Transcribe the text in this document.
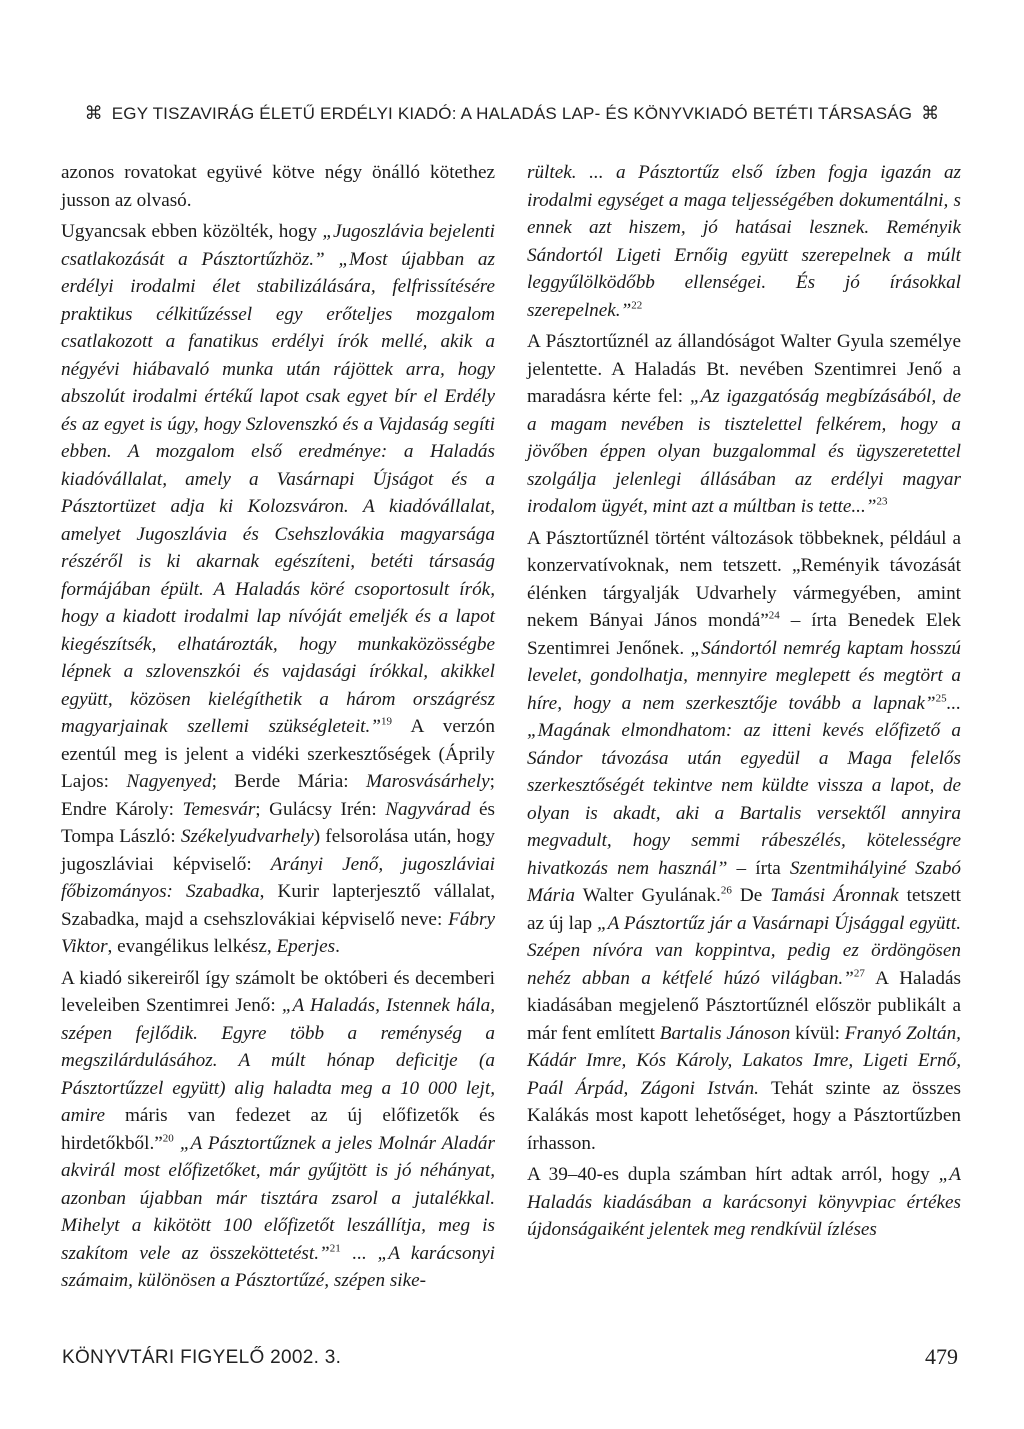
⌘ EGY TISZAVIRÁG ÉLETŰ ERDÉLYI KIADÓ: A HALADÁS LAP- ÉS KÖNYVKIADÓ BETÉTI TÁRSASÁG ⌘

azonos rovatokat együvé kötve négy önálló kötethez jusson az olvasó.

Ugyancsak ebben közölték, hogy „Jugoszlávia bejelenti csatlakozását a Pásztortűzhöz.” „Most újabban az erdélyi irodalmi élet stabilizálására, felfrissítésére praktikus célkitűzéssel egy erőteljes mozgalom csatlakozott a fanatikus erdélyi írók mellé, akik a négyévi hiábavaló munka után rájöttek arra, hogy abszolút irodalmi értékű lapot csak egyet bír el Erdély és az egyet is úgy, hogy Szlovenszkó és a Vajdaság segíti ebben. A mozgalom első eredménye: a Haladás kiadóvállalat, amely a Vasárnapi Újságot és a Pásztortüzet adja ki Kolozsváron. A kiadóvállalat, amelyet Jugoszlávia és Csehszlovákia magyarsága részéről is ki akarnak egészíteni, betéti társaság formájában épült. A Haladás köré csoportosult írók, hogy a kiadott irodalmi lap nívóját emeljék és a lapot kiegészítsék, elhatározták, hogy munkaközösségbe lépnek a szlovenszkói és vajdasági írókkal, akikkel együtt, közösen kielégíthetik a három országrész magyarjainak szellemi szükségleteit.”$^{19}$ A verzón ezentúl meg is jelent a vidéki szerkesztőségek (Áprily Lajos: Nagyenyed; Berde Mária: Marosvásárhely; Endre Károly: Temesvár; Gulácsy Irén: Nagyvárad és Tompa László: Székelyudvarhely) felsorolása után, hogy jugoszláviai képviselő: Arányi Jenő, jugoszláviai főbizományos: Szabadka, Kurir lapterjesztő vállalat, Szabadka, majd a csehszlovákiai képviselő neve: Fábry Viktor, evangélikus lelkész, Eperjes.

A kiadó sikereiről így számolt be októberi és decemberi leveleiben Szentimrei Jenő: „A Haladás, Istennek hála, szépen fejlődik. Egyre több a reménység a megszilárdulásához. A múlt hónap deficitje (a Pásztortűzzel együtt) alig haladta meg a 10 000 lejt, amire máris van fedezet az új előfizetők és hirdetőkből.”$^{20}$ „A Pásztortűznek a jeles Molnár Aladár akvirál most előfizetőket, már gyűjtött is jó néhányat, azonban újabban már tisztára zsarol a jutalékkal. Mihelyt a kikötött 100 előfizetőt leszállítja, meg is szakítom vele az összeköttetést.”$^{21}$ ... „A karácsonyi számaim, különösen a Pásztortűzé, szépen sike-

rültek. ... a Pásztortűz első ízben fogja igazán az irodalmi egységet a maga teljességében dokumentálni, s ennek azt hiszem, jó hatásai lesznek. Reményik Sándortól Ligeti Ernőig együtt szerepelnek a múlt leggyűlölködőbb ellenségei. És jó írásokkal szerepelnek.”$^{22}$

A Pásztortűznél az állandóságot Walter Gyula személye jelentette. A Haladás Bt. nevében Szentimrei Jenő a maradásra kérte fel: „Az igazgatóság megbízásából, de a magam nevében is tisztelettel felkérem, hogy a jövőben éppen olyan buzgalommal és ügyszeretettel szolgálja jelenlegi állásában az erdélyi magyar irodalom ügyét, mint azt a múltban is tette...”$^{23}$

A Pásztortűznél történt változások többeknek, például a konzervatívoknak, nem tetszett. „Reményik távozását élénken tárgyalják Udvarhely vármegyében, amint nekem Bányai János mondá”$^{24}$ – írta Benedek Elek Szentimrei Jenőnek. „Sándortól nemrég kaptam hosszú levelet, gondolhatja, mennyire meglepett és megtört a híre, hogy a nem szerkesztője tovább a lapnak”$^{25}$... „Magának elmondhatom: az itteni kevés előfizető a Sándor távozása után egyedül a Maga felelős szerkesztőségét tekintve nem küldte vissza a lapot, de olyan is akadt, aki a Bartalis versektől annyira megvadult, hogy semmi rábeszélés, kötelességre hivatkozás nem használ” – írta Szentmihályiné Szabó Mária Walter Gyulának.$^{26}$ De Tamási Áronnak tetszett az új lap „A Pásztortűz jár a Vasárnapi Újsággal együtt. Szépen nívóra van koppintva, pedig ez ördöngösen nehéz abban a kétfelé húzó világban.”$^{27}$ A Haladás kiadásában megjelenő Pásztortűznél először publikált a már fent említett Bartalis Jánoson kívül: Franyó Zoltán, Kádár Imre, Kós Károly, Lakatos Imre, Ligeti Ernő, Paál Árpád, Zágoni István. Tehát szinte az összes Kalákás most kapott lehetőséget, hogy a Pásztortűzben írhasson.

A 39–40-es dupla számban hírt adtak arról, hogy „A Haladás kiadásában a karácsonyi könyvpiac értékes újdonságaiként jelentek meg rendkívül ízléses

KÖNYVTÁRI FIGYELŐ 2002. 3.	479
